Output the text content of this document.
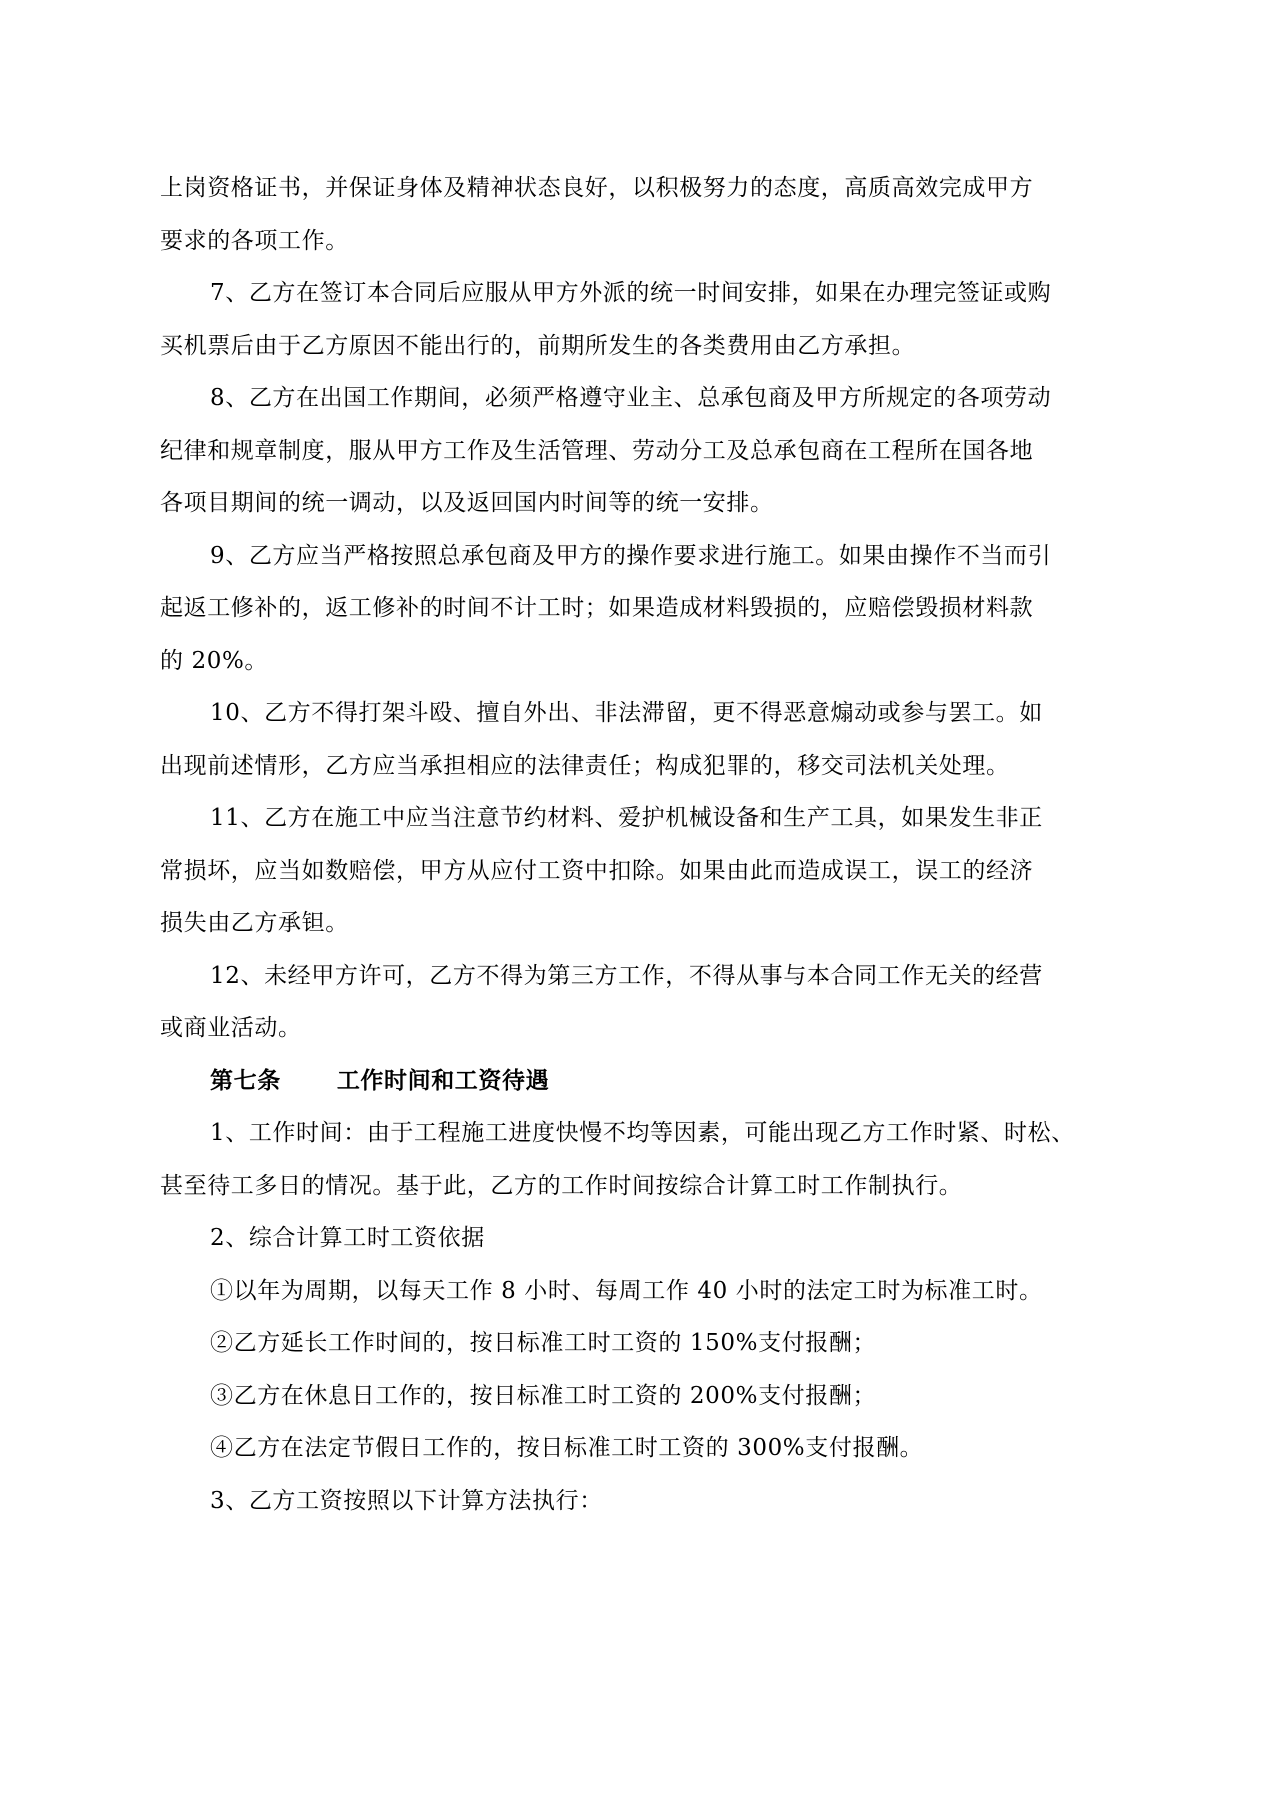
上岗资格证书，并保证身体及精神状态良好，以积极努力的态度，高质高效完成甲方

要求的各项工作。

7、乙方在签订本合同后应服从甲方外派的统一时间安排，如果在办理完签证或购

买机票后由于乙方原因不能出行的，前期所发生的各类费用由乙方承担。

8、乙方在出国工作期间，必须严格遵守业主、总承包商及甲方所规定的各项劳动

纪律和规章制度，服从甲方工作及生活管理、劳动分工及总承包商在工程所在国各地

各项目期间的统一调动，以及返回国内时间等的统一安排。

9、乙方应当严格按照总承包商及甲方的操作要求进行施工。如果由操作不当而引

起返工修补的，返工修补的时间不计工时；如果造成材料毁损的，应赔偿毁损材料款

的 20%。

10、乙方不得打架斗殴、擅自外出、非法滞留，更不得恶意煽动或参与罢工。如

出现前述情形，乙方应当承担相应的法律责任；构成犯罪的，移交司法机关处理。

11、乙方在施工中应当注意节约材料、爱护机械设备和生产工具，如果发生非正

常损坏，应当如数赔偿，甲方从应付工资中扣除。如果由此而造成误工，误工的经济

损失由乙方承钽。

12、未经甲方许可，乙方不得为第三方工作，不得从事与本合同工作无关的经营

或商业活动。

第七条 工作时间和工资待遇

1、工作时间：由于工程施工进度快慢不均等因素，可能出现乙方工作时紧、时松、

甚至待工多日的情况。基于此，乙方的工作时间按综合计算工时工作制执行。

2、综合计算工时工资依据

①以年为周期，以每天工作 8 小时、每周工作 40 小时的法定工时为标准工时。

②乙方延长工作时间的，按日标准工时工资的 150%支付报酬；

③乙方在休息日工作的，按日标准工时工资的 200%支付报酬；

④乙方在法定节假日工作的，按日标准工时工资的 300%支付报酬。

3、乙方工资按照以下计算方法执行：
